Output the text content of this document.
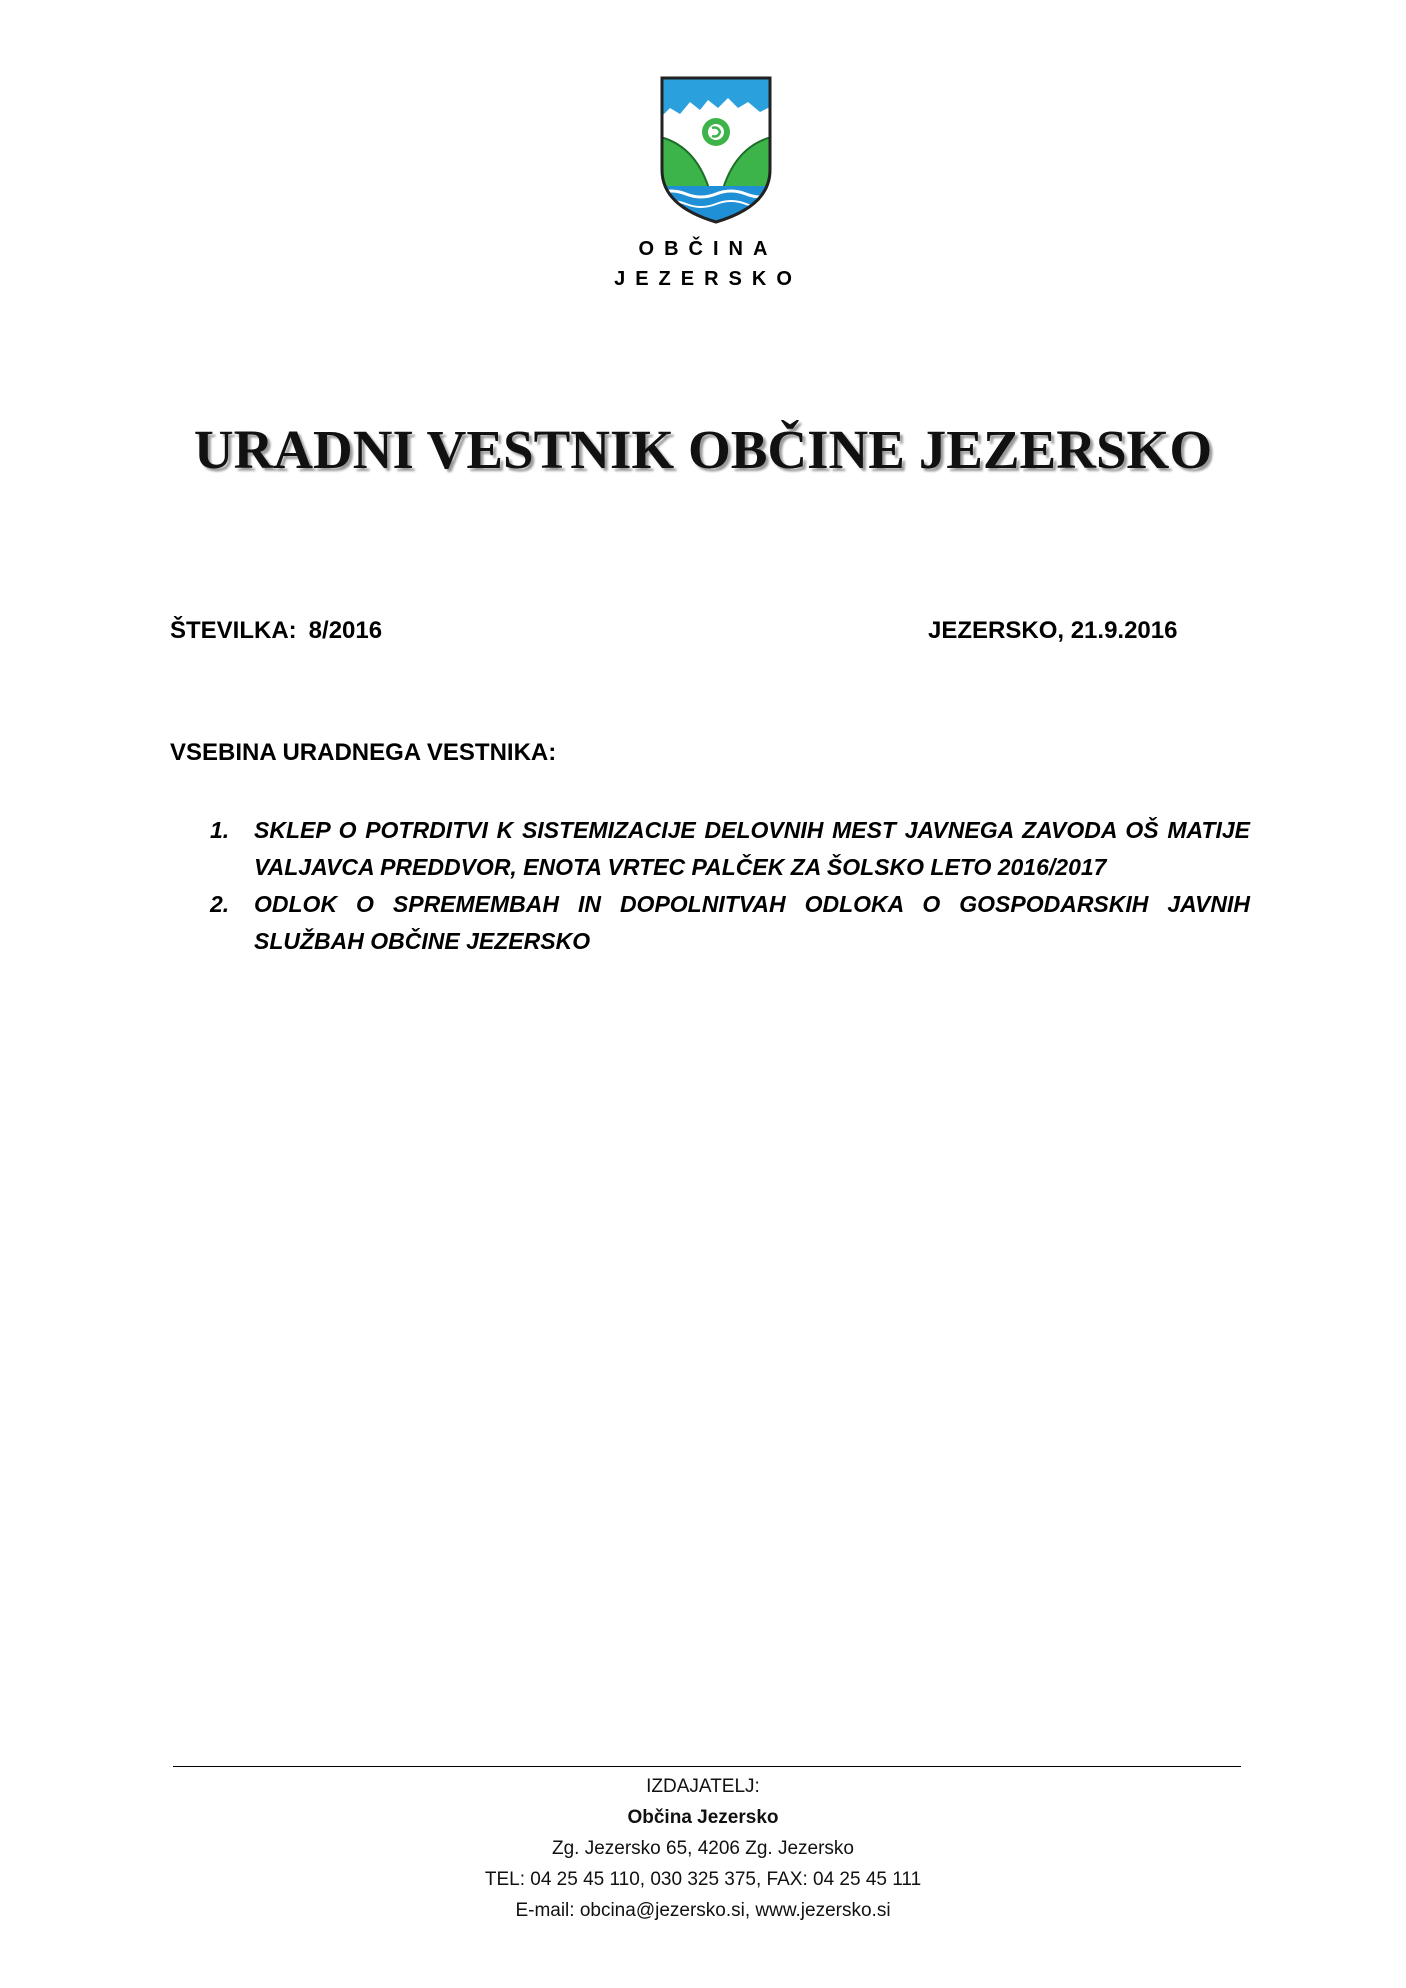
OBČINA
JEZERSKO
URADNI VESTNIK OBČINE JEZERSKO
ŠTEVILKA: 8/2016	JEZERSKO, 21.9.2016
VSEBINA URADNEGA VESTNIKA:
1. SKLEP O POTRDITVI K SISTEMIZACIJE DELOVNIH MEST JAVNEGA ZAVODA OŠ MATIJE VALJAVCA PREDDVOR, ENOTA VRTEC PALČEK ZA ŠOLSKO LETO 2016/2017
2. ODLOK O SPREMEMBAH IN DOPOLNITVAH ODLOKA O GOSPODARSKIH JAVNIH SLUŽBAH OBČINE JEZERSKO
IZDAJATELJ:
Občina Jezersko
Zg. Jezersko 65, 4206 Zg. Jezersko
TEL: 04 25 45 110, 030 325 375, FAX: 04 25 45 111
E-mail: obcina@jezersko.si, www.jezersko.si
